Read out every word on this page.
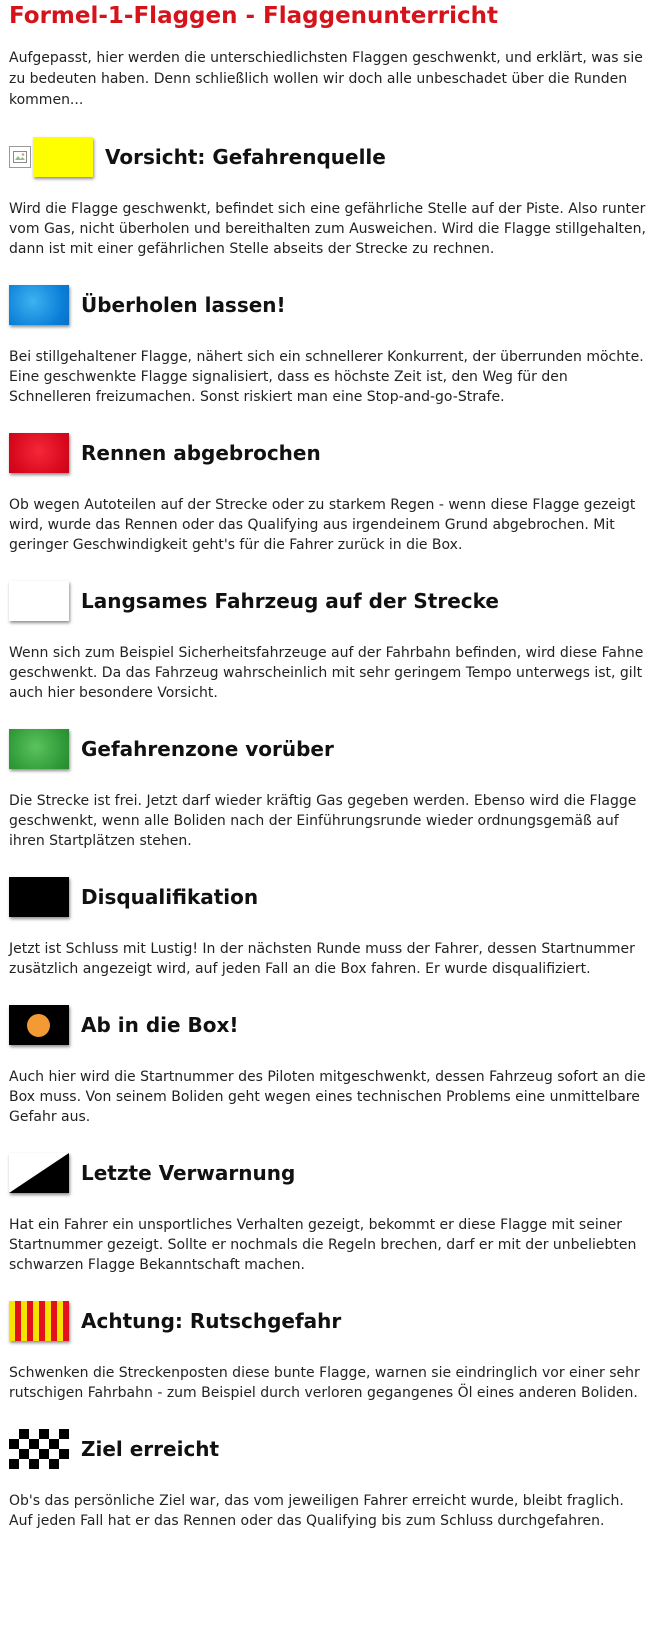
Formel-1-Flaggen - Flaggenunterricht

Aufgepasst, hier werden die unterschiedlichsten Flaggen geschwenkt, und erklärt, was sie zu bedeuten haben. Denn schließlich wollen wir doch alle unbeschadet über die Runden kommen...

Vorsicht: Gefahrenquelle

Wird die Flagge geschwenkt, befindet sich eine gefährliche Stelle auf der Piste. Also runter vom Gas, nicht überholen und bereithalten zum Ausweichen. Wird die Flagge stillgehalten, dann ist mit einer gefährlichen Stelle abseits der Strecke zu rechnen.

Überholen lassen!

Bei stillgehaltener Flagge, nähert sich ein schnellerer Konkurrent, der überrunden möchte. Eine geschwenkte Flagge signalisiert, dass es höchste Zeit ist, den Weg für den Schnelleren freizumachen. Sonst riskiert man eine Stop-and-go-Strafe.

Rennen abgebrochen

Ob wegen Autoteilen auf der Strecke oder zu starkem Regen - wenn diese Flagge gezeigt wird, wurde das Rennen oder das Qualifying aus irgendeinem Grund abgebrochen. Mit geringer Geschwindigkeit geht's für die Fahrer zurück in die Box.

Langsames Fahrzeug auf der Strecke

Wenn sich zum Beispiel Sicherheitsfahrzeuge auf der Fahrbahn befinden, wird diese Fahne geschwenkt. Da das Fahrzeug wahrscheinlich mit sehr geringem Tempo unterwegs ist, gilt auch hier besondere Vorsicht.

Gefahrenzone vorüber

Die Strecke ist frei. Jetzt darf wieder kräftig Gas gegeben werden. Ebenso wird die Flagge geschwenkt, wenn alle Boliden nach der Einführungsrunde wieder ordnungsgemäß auf ihren Startplätzen stehen.

Disqualifikation

Jetzt ist Schluss mit Lustig! In der nächsten Runde muss der Fahrer, dessen Startnummer zusätzlich angezeigt wird, auf jeden Fall an die Box fahren. Er wurde disqualifiziert.

Ab in die Box!

Auch hier wird die Startnummer des Piloten mitgeschwenkt, dessen Fahrzeug sofort an die Box muss. Von seinem Boliden geht wegen eines technischen Problems eine unmittelbare Gefahr aus.

Letzte Verwarnung

Hat ein Fahrer ein unsportliches Verhalten gezeigt, bekommt er diese Flagge mit seiner Startnummer gezeigt. Sollte er nochmals die Regeln brechen, darf er mit der unbeliebten schwarzen Flagge Bekanntschaft machen.

Achtung: Rutschgefahr

Schwenken die Streckenposten diese bunte Flagge, warnen sie eindringlich vor einer sehr rutschigen Fahrbahn - zum Beispiel durch verloren gegangenes Öl eines anderen Boliden.

Ziel erreicht

Ob's das persönliche Ziel war, das vom jeweiligen Fahrer erreicht wurde, bleibt fraglich. Auf jeden Fall hat er das Rennen oder das Qualifying bis zum Schluss durchgefahren.
